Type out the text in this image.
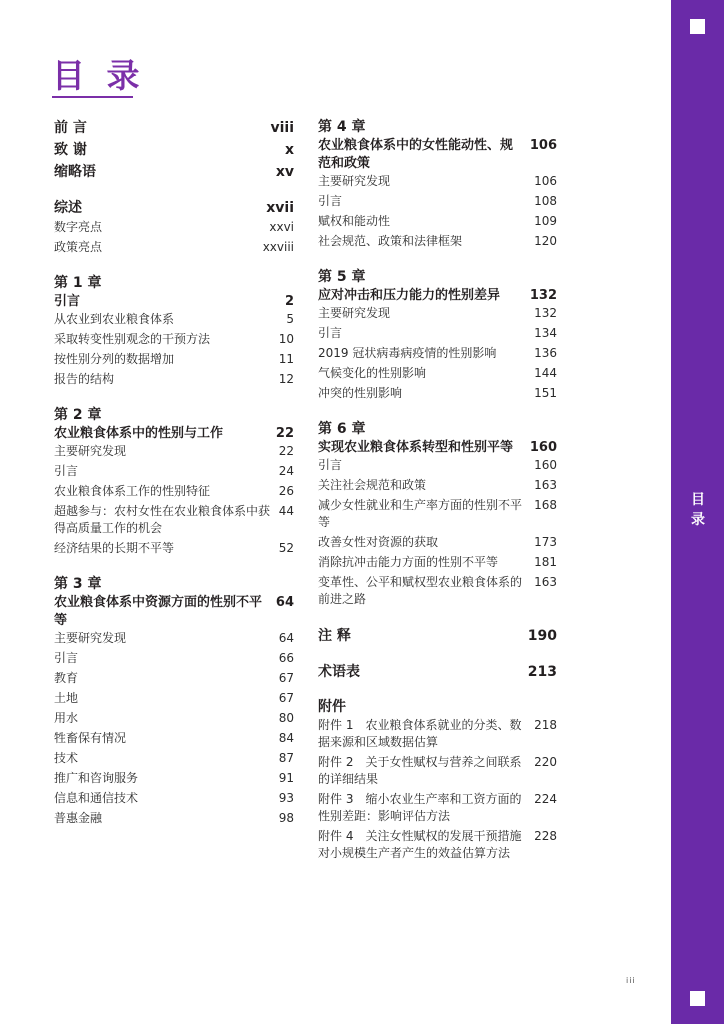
目 录
前 言	viii
致 谢	x
缩略语	xv
综述	xvii
数字亮点	xxvi
政策亮点	xxviii
第 1 章
引言	2
从农业到农业粮食体系	5
采取转变性别观念的干预方法	10
按性别分列的数据增加	11
报告的结构	12
第 2 章
农业粮食体系中的性别与工作	22
主要研究发现	22
引言	24
农业粮食体系工作的性别特征	26
超越参与：农村女性在农业粮食体系中获得高质量工作的机会
44
经济结果的长期不平等	52
第 3 章
农业粮食体系中资源方面的性别不平等
64
主要研究发现	64
引言	66
教育	67
土地	67
用水	80
牲畜保有情况	84
技术	87
推广和咨询服务	91
信息和通信技术	93
普惠金融	98
第 4 章
农业粮食体系中的女性能动性、规范和政策
106
主要研究发现	106
引言	108
赋权和能动性	109
社会规范、政策和法律框架	120
第 5 章
应对冲击和压力能力的性别差异	132
主要研究发现	132
引言	134
2019 冠状病毒病疫情的性别影响	136
气候变化的性别影响	144
冲突的性别影响	151
第 6 章
实现农业粮食体系转型和性别平等	160
引言	160
关注社会规范和政策	163
减少女性就业和生产率方面的性别不平等
168
改善女性对资源的获取	173
消除抗冲击能力方面的性别不平等	181
变革性、公平和赋权型农业粮食体系的前进之路
163
注 释	190
术语表	213
附件
附件 1　农业粮食体系就业的分类、数据来源和区域数据估算
218
附件 2　关于女性赋权与营养之间联系的详细结果
220
附件 3　缩小农业生产率和工资方面的性别差距：影响评估方法
224
附件 4　关注女性赋权的发展干预措施对小规模生产者产生的效益估算方法
228
目
录
iii
